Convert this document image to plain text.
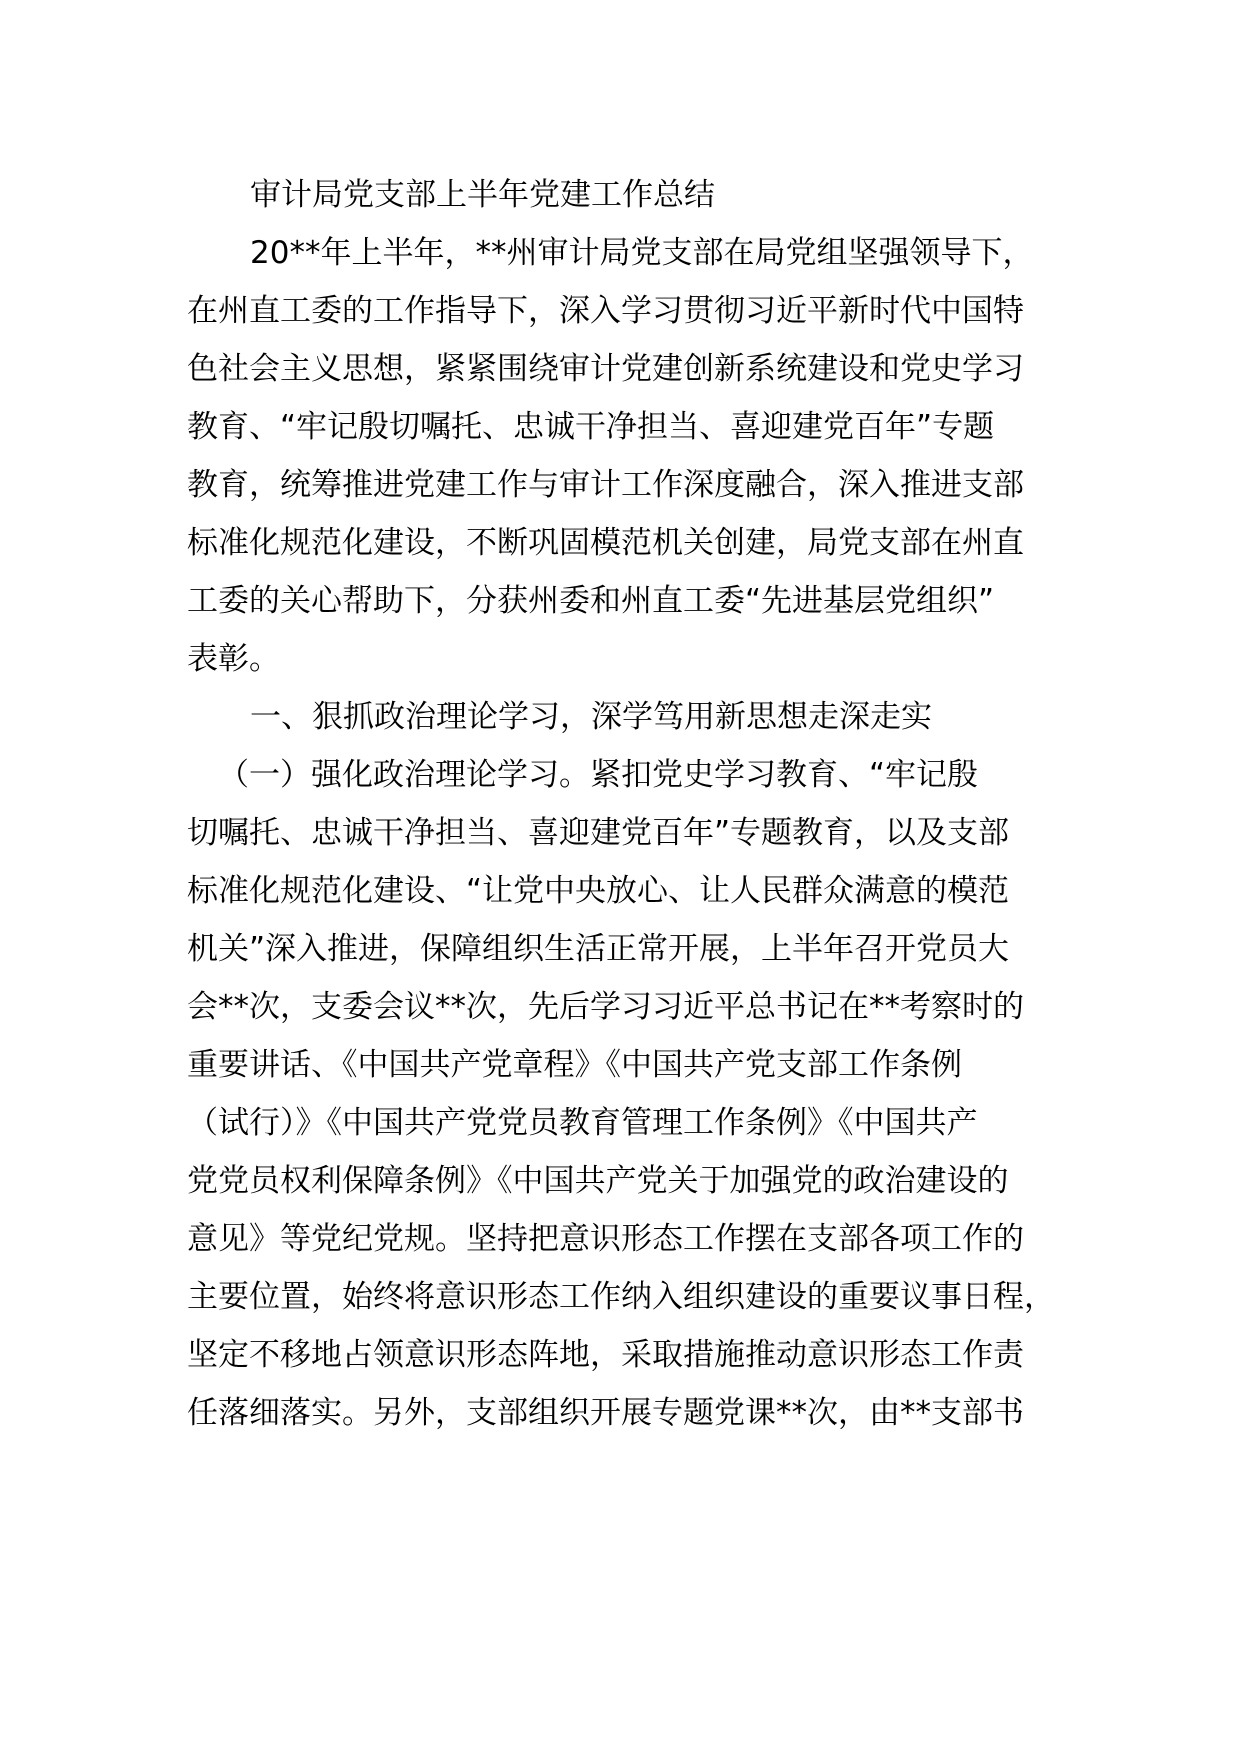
审计局党支部上半年党建工作总结

20**年上半年，**州审计局党支部在局党组坚强领导下，

在州直工委的工作指导下，深入学习贯彻习近平新时代中国特

色社会主义思想，紧紧围绕审计党建创新系统建设和党史学习

教育、“牢记殷切嘱托、忠诚干净担当、喜迎建党百年”专题

教育，统筹推进党建工作与审计工作深度融合，深入推进支部

标准化规范化建设，不断巩固模范机关创建，局党支部在州直

工委的关心帮助下，分获州委和州直工委“先进基层党组织”

表彰。

一、狠抓政治理论学习，深学笃用新思想走深走实

（一）强化政治理论学习。紧扣党史学习教育、“牢记殷

切嘱托、忠诚干净担当、喜迎建党百年”专题教育，以及支部

标准化规范化建设、“让党中央放心、让人民群众满意的模范

机关”深入推进，保障组织生活正常开展，上半年召开党员大

会**次，支委会议**次，先后学习习近平总书记在**考察时的

重要讲话、《中国共产党章程》《中国共产党支部工作条例

（试行）》《中国共产党党员教育管理工作条例》《中国共产

党党员权利保障条例》《中国共产党关于加强党的政治建设的

意见》等党纪党规。坚持把意识形态工作摆在支部各项工作的

主要位置，始终将意识形态工作纳入组织建设的重要议事日程，

坚定不移地占领意识形态阵地，采取措施推动意识形态工作责

任落细落实。另外，支部组织开展专题党课**次，由**支部书
